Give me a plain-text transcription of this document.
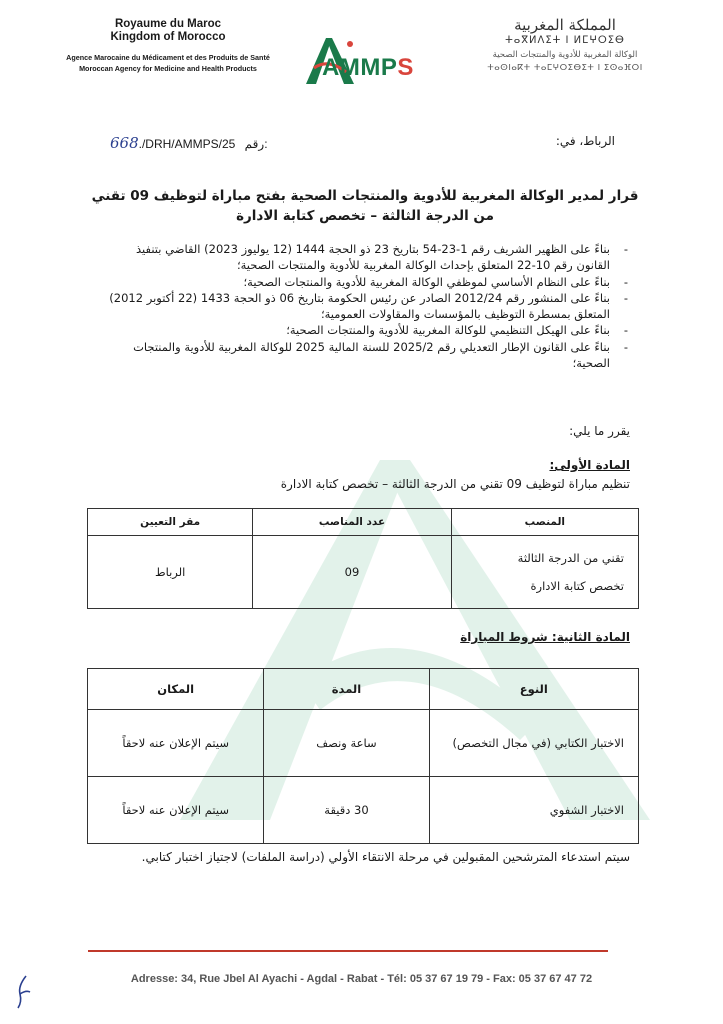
Royaume du Maroc
Kingdom of Morocco
Agence Marocaine du Médicament et des Produits de Santé
Moroccan Agency for Medicine and Health Products	AMMPS
المملكة المغربية
ⵜⴰⴳⵍⴷⵉⵜ ⵏ ⵍⵎⵖⵔⵉⴱ
الوكالة المغربية للأدوية والمنتجات الصحية
ⵜⴰⵙⵏⴰⴽⵜ ⵜⴰⵎⵖⵔⵉⴱⵉⵜ ⵏ ⵉⵙⴰⴼⵔⵏ
668./DRH/AMMPS/25 رقم:	الرباط، في:
قرار لمدير الوكالة المغربية للأدوية والمنتجات الصحية بفتح مباراة لتوظيف 09 تقني من الدرجة الثالثة – تخصص كتابة الادارة
- بناءً على الظهير الشريف رقم 1-23-54 بتاريخ 23 ذو الحجة 1444 (12 يوليوز 2023) القاضي بتنفيذ القانون رقم 10-22 المتعلق بإحداث الوكالة المغربية للأدوية والمنتجات الصحية؛
- بناءً على النظام الأساسي لموظفي الوكالة المغربية للأدوية والمنتجات الصحية؛
- بناءً على المنشور رقم 2012/24 الصادر عن رئيس الحكومة بتاريخ 06 ذو الحجة 1433 (22 أكتوبر 2012) المتعلق بمسطرة التوظيف بالمؤسسات والمقاولات العمومية؛
- بناءً على الهيكل التنظيمي للوكالة المغربية للأدوية والمنتجات الصحية؛
- بناءً على القانون الإطار التعديلي رقم 2025/2 للسنة المالية 2025 للوكالة المغربية للأدوية والمنتجات الصحية؛
يقرر ما يلي:
المادة الأولى:
تنظيم مباراة لتوظيف 09 تقني من الدرجة الثالثة – تخصص كتابة الادارة
المنصب	عدد المناصب	مقر التعيين

تقني من الدرجة الثالثة
تخصص كتابة الادارة	09	الرباط
المادة الثانية: شروط المباراة
النوع	المدة	المكان
الاختبار الكتابي (في مجال التخصص)	ساعة ونصف	سيتم الإعلان عنه لاحقاً
الاختبار الشفوي	30 دقيقة	سيتم الإعلان عنه لاحقاً
سيتم استدعاء المترشحين المقبولين في مرحلة الانتقاء الأولي (دراسة الملفات) لاجتياز اختبار كتابي.
Adresse: 34, Rue Jbel Al Ayachi - Agdal - Rabat - Tél: 05 37 67 19 79 - Fax: 05 37 67 47 72
